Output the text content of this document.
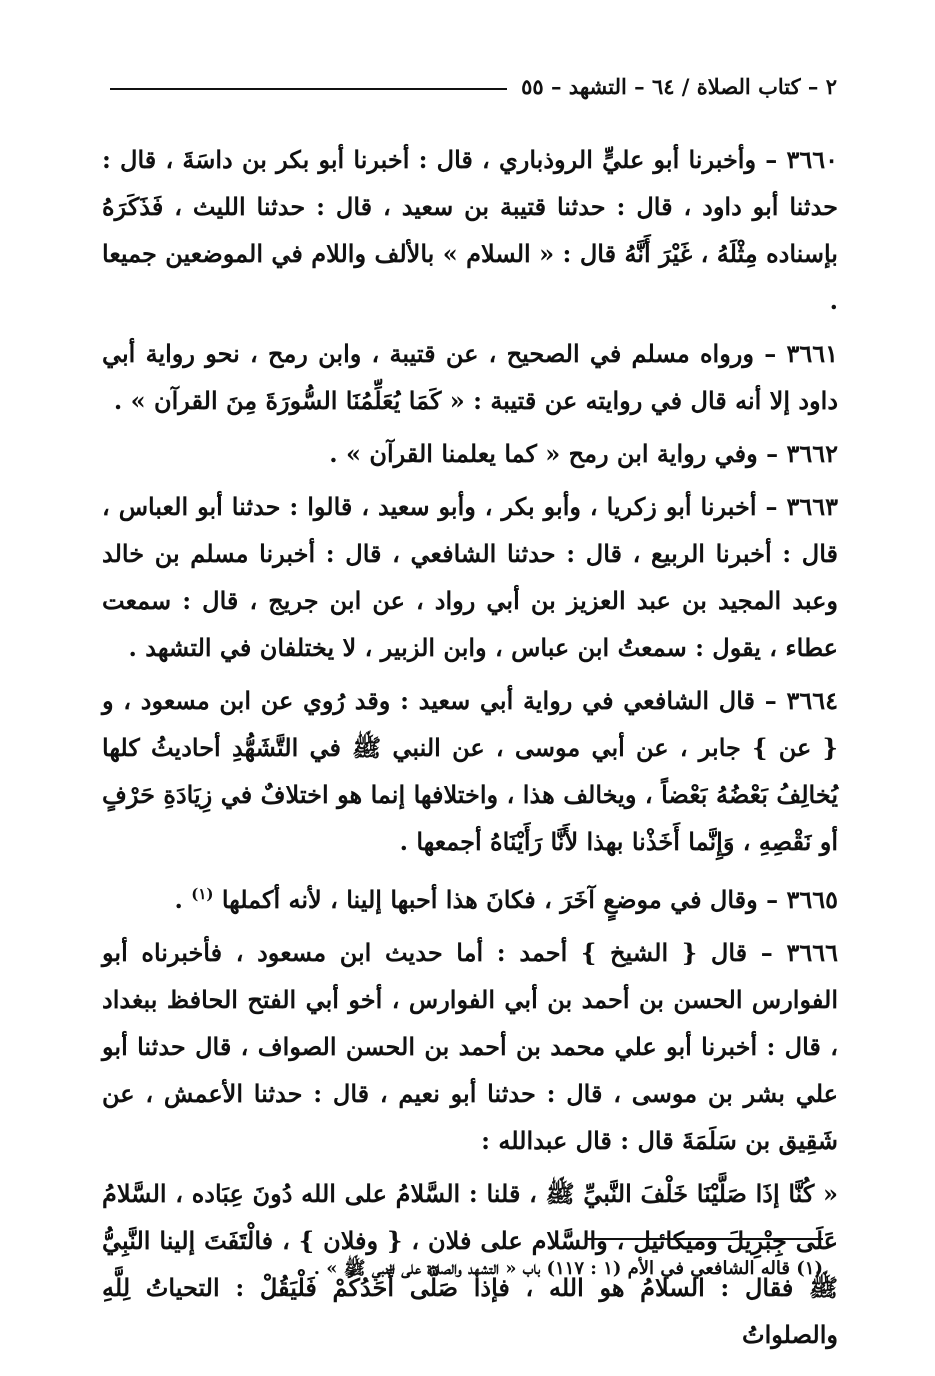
٢ – كتاب الصلاة / ٦٤ – التشهد – ٥٥

٣٦٦٠ – وأخبرنا أبو عليٍّ الروذباري ، قال : أخبرنا أبو بكر بن داسَةَ ، قال : حدثنا أبو داود ، قال : حدثنا قتيبة بن سعيد ، قال : حدثنا الليث ، فَذَكَرَهُ بإسناده مِثْلَهُ ، غَيْرَ أَنَّهُ قال : « السلام » بالألف واللام في الموضعين جميعا .

٣٦٦١ – ورواه مسلم في الصحيح ، عن قتيبة ، وابن رمح ، نحو رواية أبي داود إلا أنه قال في روايته عن قتيبة : « كَمَا يُعَلِّمُنَا السُّورَةَ مِنَ القرآن » .

٣٦٦٢ – وفي رواية ابن رمح « كما يعلمنا القرآن » .

٣٦٦٣ – أخبرنا أبو زكريا ، وأبو بكر ، وأبو سعيد ، قالوا : حدثنا أبو العباس ، قال : أخبرنا الربيع ، قال : حدثنا الشافعي ، قال : أخبرنا مسلم بن خالد وعبد المجيد بن عبد العزيز بن أبي رواد ، عن ابن جريج ، قال : سمعت عطاء ، يقول : سمعتُ ابن عباس ، وابن الزبير ، لا يختلفان في التشهد .

٣٦٦٤ – قال الشافعي في رواية أبي سعيد : وقد رُوي عن ابن مسعود ، و { عن } جابر ، عن أبي موسى ، عن النبي ﷺ في التَّشَهُّدِ أحاديثُ كلها يُخالِفُ بَعْضُهُ بَعْضاً ، ويخالف هذا ، واختلافها إنما هو اختلافٌ في زِيَادَةِ حَرْفٍ أو نَقْصِهِ ، وَإِنَّما أَخَذْنا بهذا لأَنَّا رَأَيْنَاهُ أجمعها .

٣٦٦٥ – وقال في موضعٍ آخَرَ ، فكانَ هذا أحبها إلينا ، لأنه أكملها $^{(١)}$ .

٣٦٦٦ – قال { الشيخ } أحمد : أما حديث ابن مسعود ، فأخبرناه أبو الفوارس الحسن بن أحمد بن أبي الفوارس ، أخو أبي الفتح الحافظ ببغداد ، قال : أخبرنا أبو علي محمد بن أحمد بن الحسن الصواف ، قال حدثنا أبو علي بشر بن موسى ، قال : حدثنا أبو نعيم ، قال : حدثنا الأعمش ، عن شَقِيق بن سَلَمَةَ قال : قال عبدالله :

« كُنَّا إذَا صَلَّيْنَا خَلْفَ النَّبيِّ ﷺ ، قلنا : السَّلامُ على الله دُونَ عِبَاده ، السَّلامُ عَلَى جِبْرِيلَ وميكائيل ، والسَّلام على فلان ، { وفلان } ، فالْتَفَتَ إلينا النَّبِيُّ ﷺ فقال : السلامُ هو الله ، فإذا صَلَّى أَحَدُكُمْ فَلْيَقُلْ : التحياتُ لِلَّهِ والصلواتُ

(١) قاله الشافعي في الأم (١ : ١١٧) باب « التشهد والصلاة على النبي ﷺ » .
